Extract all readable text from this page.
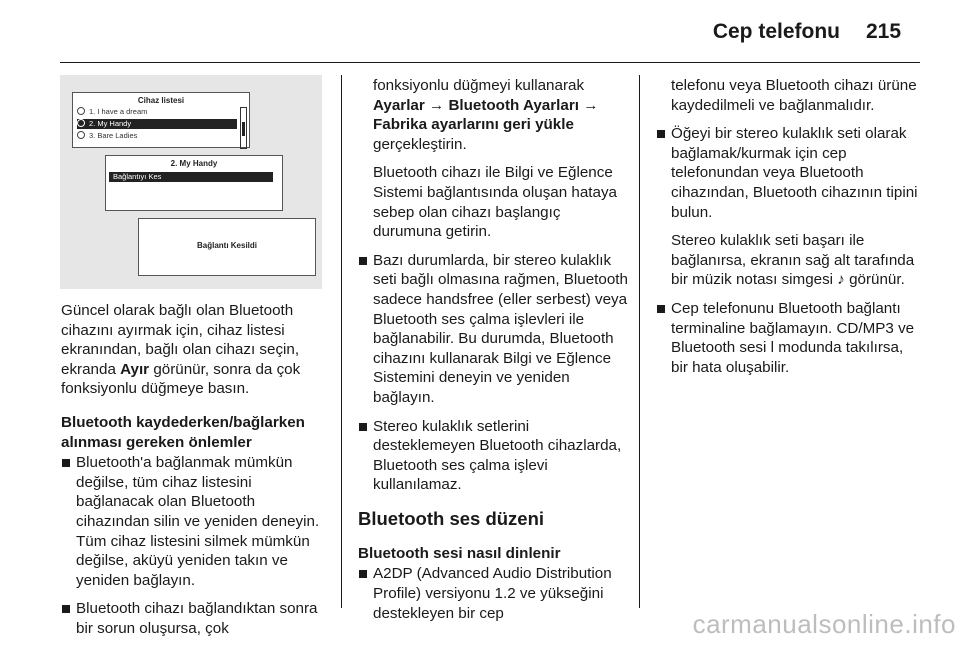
Cep telefonu 215
Cihaz listesi
1. I have a dream
2. My Handy
3. Bare Ladies
2. My Handy
Bağlantıyı Kes
Bağlantı Kesildi

Güncel olarak bağlı olan Bluetooth cihazını ayırmak için, cihaz listesi ekranından, bağlı olan cihazı seçin, ekranda Ayır görünür, sonra da çok fonksiyonlu düğmeye basın.

Bluetooth kaydederken/bağlarken alınması gereken önlemler

Bluetooth'a bağlanmak mümkün değilse, tüm cihaz listesini bağlanacak olan Bluetooth cihazından silin ve yeniden deneyin. Tüm cihaz listesini silmek mümkün değilse, aküyü yeniden takın ve yeniden bağlayın.
Bluetooth cihazı bağlandıktan sonra bir sorun oluşursa, çok
fonksiyonlu düğmeyi kullanarak
Ayarlar → Bluetooth Ayarları →
Fabrika ayarlarını geri yükle
gerçekleştirin.

Bluetooth cihazı ile Bilgi ve Eğlence Sistemi bağlantısında oluşan hataya sebep olan cihazı başlangıç durumuna getirin.

Bazı durumlarda, bir stereo kulaklık seti bağlı olmasına rağmen, Bluetooth sadece handsfree (eller serbest) veya Bluetooth ses çalma işlevleri ile bağlanabilir. Bu durumda, Bluetooth cihazını kullanarak Bilgi ve Eğlence Sistemini deneyin ve yeniden bağlayın.
Stereo kulaklık setlerini desteklemeyen Bluetooth cihazlarda, Bluetooth ses çalma işlevi kullanılamaz.

Bluetooth ses düzeni

Bluetooth sesi nasıl dinlenir

A2DP (Advanced Audio Distribution Profile) versiyonu 1.2 ve yükseğini destekleyen bir cep

telefonu veya Bluetooth cihazı ürüne kaydedilmeli ve bağlanmalıdır.

Öğeyi bir stereo kulaklık seti olarak bağlamak/kurmak için cep telefonundan veya Bluetooth cihazından, Bluetooth cihazının tipini bulun.

Stereo kulaklık seti başarı ile bağlanırsa, ekranın sağ alt tarafında bir müzik notası simgesi ♪ görünür.

Cep telefonunu Bluetooth bağlantı terminaline bağlamayın. CD/MP3 ve Bluetooth sesi l modunda takılırsa, bir hata oluşabilir.
carmanualsonline.info
